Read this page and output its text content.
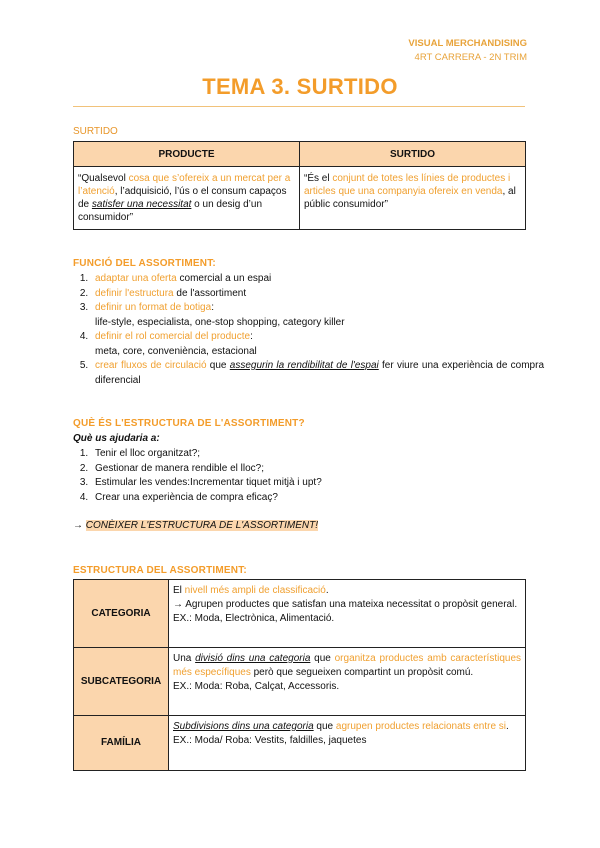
VISUAL MERCHANDISING
4RT CARRERA - 2N TRIM
TEMA 3. SURTIDO
SURTIDO
PRODUCTE	SURTIDO
“Qualsevol cosa que s’ofereix a un mercat per a l’atenció, l’adquisició, l’ús o el consum capaços de satisfer una necessitat o un desig d’un consumidor”	“És el conjunt de totes les línies de productes i articles que una companyia ofereix en venda, al públic consumidor”
FUNCIÓ DEL ASSORTIMENT:
1. adaptar una oferta comercial a un espai
2. definir l'estructura de l'assortiment
3. definir un format de botiga:
life-style, especialista, one-stop shopping, category killer
4. definir el rol comercial del producte:
meta, core, conveniència, estacional
5. crear fluxos de circulació que assegurin la rendibilitat de l'espai fer viure una experiència de compra diferencial
QUÈ ÉS L'ESTRUCTURA DE L'ASSORTIMENT?
Què us ajudaria a:
1. Tenir el lloc organitzat?;
2. Gestionar de manera rendible el lloc?;
3. Estimular les vendes:Incrementar tiquet mitjà i upt?
4. Crear una experiència de compra eficaç?
→ CONÈIXER L'ESTRUCTURA DE L'ASSORTIMENT!
ESTRUCTURA DEL ASSORTIMENT:
CATEGORIA	El nivell més ampli de classificació.
→ Agrupen productes que satisfan una mateixa necessitat o propòsit general.
EX.: Moda, Electrònica, Alimentació.
SUBCATEGORIA	Una divisió dins una categoria que organitza productes amb característiques més específiques però que segueixen compartint un propòsit comú.
EX.: Moda: Roba, Calçat, Accessoris.
FAMÍLIA	Subdivisions dins una categoria que agrupen productes relacionats entre si.
EX.: Moda/ Roba: Vestits, faldilles, jaquetes
